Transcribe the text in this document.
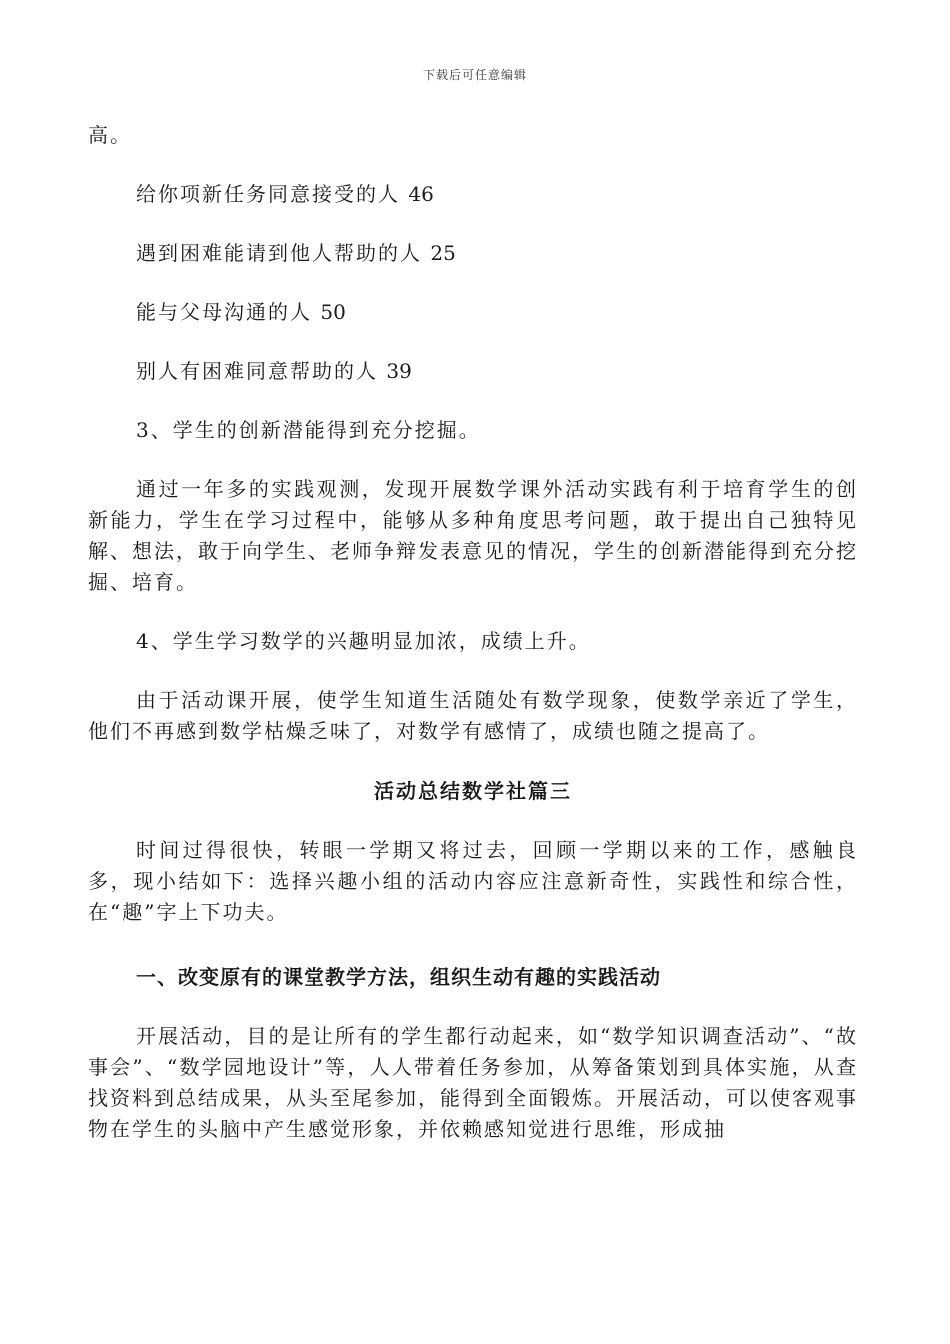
下载后可任意编辑

高。

给你项新任务同意接受的人 46

遇到困难能请到他人帮助的人 25

能与父母沟通的人 50

别人有困难同意帮助的人 39

3、学生的创新潜能得到充分挖掘。

通过一年多的实践观测，发现开展数学课外活动实践有利于培育学生的创新能力，学生在学习过程中，能够从多种角度思考问题，敢于提出自己独特见解、想法，敢于向学生、老师争辩发表意见的情况，学生的创新潜能得到充分挖掘、培育。

4、学生学习数学的兴趣明显加浓，成绩上升。

由于活动课开展，使学生知道生活随处有数学现象，使数学亲近了学生，他们不再感到数学枯燥乏味了，对数学有感情了，成绩也随之提高了。

活动总结数学社篇三

时间过得很快，转眼一学期又将过去，回顾一学期以来的工作，感触良多，现小结如下：选择兴趣小组的活动内容应注意新奇性，实践性和综合性，在“趣”字上下功夫。

一、改变原有的课堂教学方法，组织生动有趣的实践活动

开展活动，目的是让所有的学生都行动起来，如“数学知识调查活动”、“故事会”、“数学园地设计”等，人人带着任务参加，从筹备策划到具体实施，从查找资料到总结成果，从头至尾参加，能得到全面锻炼。开展活动，可以使客观事物在学生的头脑中产生感觉形象，并依赖感知觉进行思维，形成抽
